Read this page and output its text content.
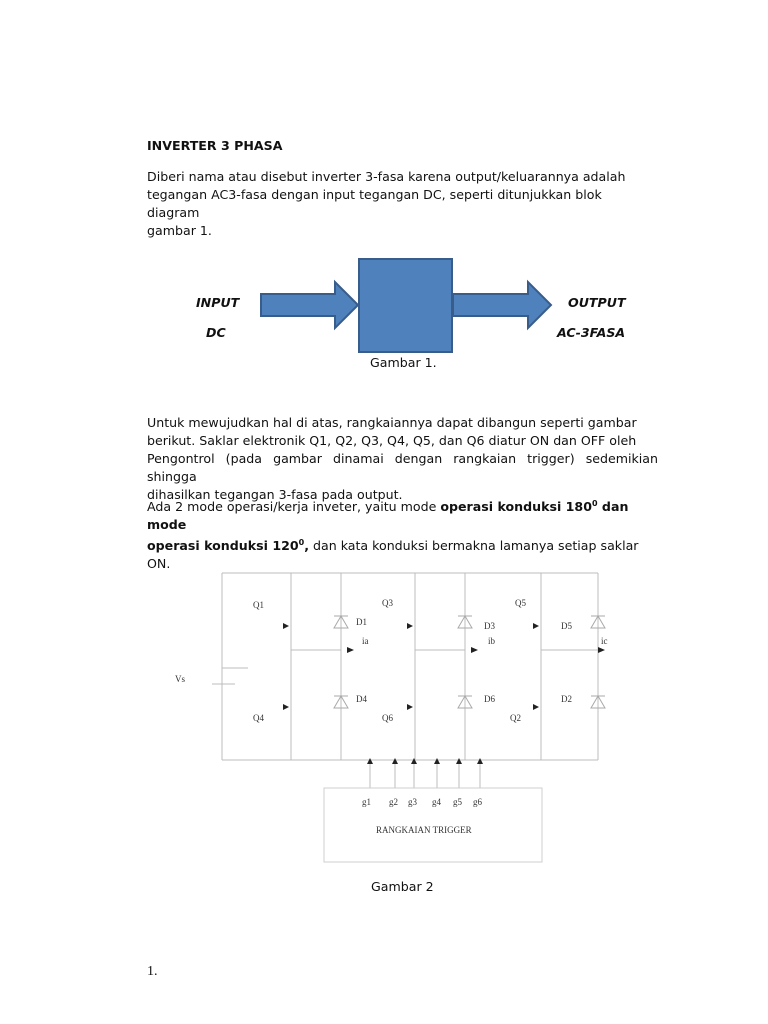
INVERTER 3 PHASA
Diberi nama atau disebut inverter 3-fasa karena output/keluarannya adalah
tegangan AC3-fasa dengan input tegangan DC, seperti ditunjukkan blok diagram
gambar 1.
INPUT
DC
OUTPUT
AC-3FASA
Gambar 1.
Untuk mewujudkan hal di atas, rangkaiannya dapat dibangun seperti gambar
berikut. Saklar elektronik Q1, Q2, Q3, Q4, Q5, dan Q6 diatur ON dan OFF oleh
Pengontrol (pada gambar dinamai dengan rangkaian trigger) sedemikian shingga
dihasilkan tegangan 3-fasa pada output.
Ada 2 mode operasi/kerja inveter, yaitu mode operasi konduksi $180^0$ dan mode
operasi konduksi $120^0$, dan kata konduksi bermakna lamanya setiap saklar ON.
Q1	Q3	Q5
Q4	Q6	Q2
D1	D3	D5
D4	D6	D2
ia	ib	ic
Vs
g1 g2 g3 g4 g5 g6
RANGKAIAN TRIGGER
Gambar 2
1.
